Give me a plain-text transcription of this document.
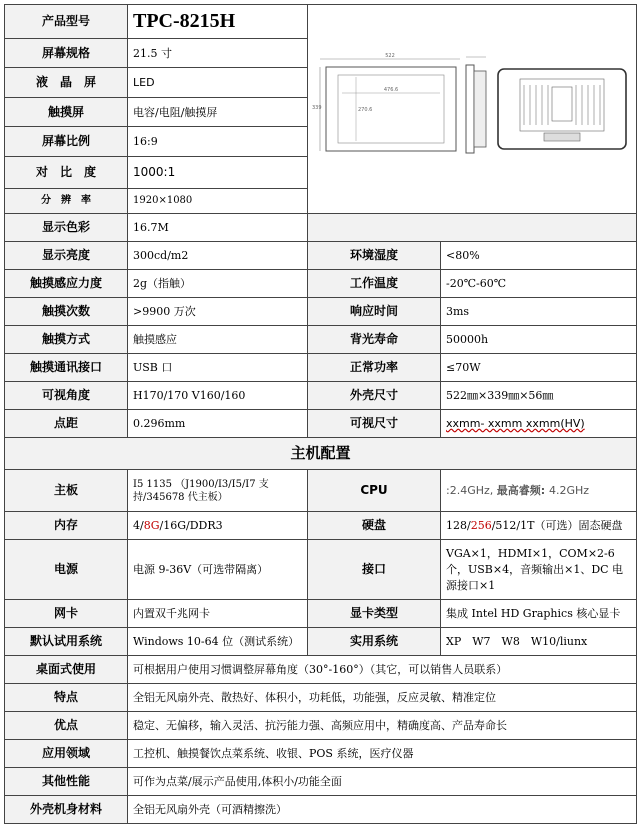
产品型号	TPC-8215H	522
476.6
270.6
339	

屏幕规格	21.5 寸		
液　晶　屏	LED		
触摸屏	电容/电阻/触摸屏		
屏幕比例	16:9		
对　比　度	1000:1		
分　辨　率	1920×1080		
显示色彩	16.7M		
显示亮度	300cd/m2	环境湿度	<80%
触摸感应力度	2g（指触）	工作温度	-20℃-60℃
触摸次数	>9900 万次	响应时间	3ms
触摸方式	触摸感应	背光寿命	50000h
触摸通讯接口	USB 口	正常功率	≤70W
可视角度	H170/170 V160/160	外壳尺寸	522㎜×339㎜×56㎜
点距	0.296mm	可视尺寸	xxmm- xxmm xxmm(HV)
主机配置			
主板	I5 1135 （J1900/I3/I5/I7 支持/345678 代主板）	CPU	:2.4GHz, 最高睿频: 4.2GHz
内存	4/8G/16G/DDR3	硬盘	128/256/512/1T（可选）固态硬盘
电源	电源 9-36V（可选带隔离）	接口	VGA×1，HDMI×1，COM×2-6 个，USB×4，音频输出×1、DC 电源接口×1
网卡	内置双千兆网卡	显卡类型	集成 Intel HD Graphics 核心显卡
默认试用系统	Windows 10-64 位（测试系统）	实用系统	XP　W7　W8　W10/liunx
桌面式使用	可根据用户使用习惯调整屏幕角度（30°-160°）（其它，可以销售人员联系）		
特点	全铝无风扇外壳、散热好、体积小，功耗低，功能强，反应灵敏、精准定位		
优点	稳定、无偏移，输入灵活、抗污能力强、高频应用中，精确度高、产品寿命长		
应用领域	工控机、触摸餐饮点菜系统、收银、POS 系统，医疗仪器		
其他性能	可作为点菜/展示产品使用,体积小/功能全面		
外壳机身材料	全铝无风扇外壳（可酒精擦洗）		
